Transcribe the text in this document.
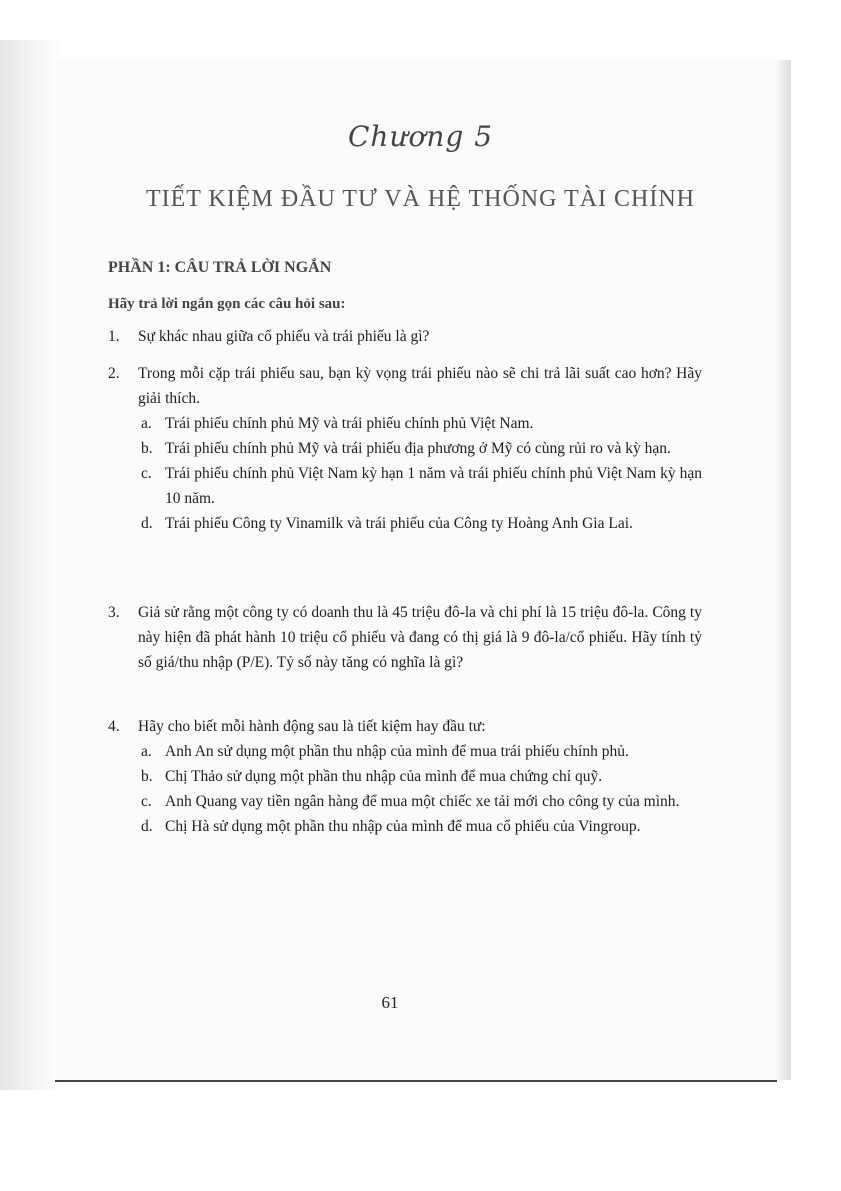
Chương 5
TIẾT KIỆM ĐẦU TƯ VÀ HỆ THỐNG TÀI CHÍNH
PHẦN 1: CÂU TRẢ LỜI NGẮN
Hãy trả lời ngắn gọn các câu hỏi sau:
1.	Sự khác nhau giữa cổ phiếu và trái phiếu là gì?
2.	Trong mỗi cặp trái phiếu sau, bạn kỳ vọng trái phiếu nào sẽ chi trả lãi suất cao hơn? Hãy giải thích.
a. Trái phiếu chính phủ Mỹ và trái phiếu chính phủ Việt Nam.
b. Trái phiếu chính phủ Mỹ và trái phiếu địa phương ở Mỹ có cùng rủi ro và kỳ hạn.
c. Trái phiếu chính phủ Việt Nam kỳ hạn 1 năm và trái phiếu chính phủ Việt Nam kỳ hạn 10 năm.
d. Trái phiếu Công ty Vinamilk và trái phiếu của Công ty Hoàng Anh Gia Lai.
3.	Giả sử rằng một công ty có doanh thu là 45 triệu đô-la và chi phí là 15 triệu đô-la. Công ty này hiện đã phát hành 10 triệu cổ phiếu và đang có thị giá là 9 đô-la/cổ phiếu. Hãy tính tỷ số giá/thu nhập (P/E). Tỷ số này tăng có nghĩa là gì?
4.	Hãy cho biết mỗi hành động sau là tiết kiệm hay đầu tư:
a. Anh An sử dụng một phần thu nhập của mình để mua trái phiếu chính phủ.
b. Chị Thảo sử dụng một phần thu nhập của mình để mua chứng chỉ quỹ.
c. Anh Quang vay tiền ngân hàng để mua một chiếc xe tải mới cho công ty của mình.
d. Chị Hà sử dụng một phần thu nhập của mình để mua cổ phiếu của Vingroup.
61
